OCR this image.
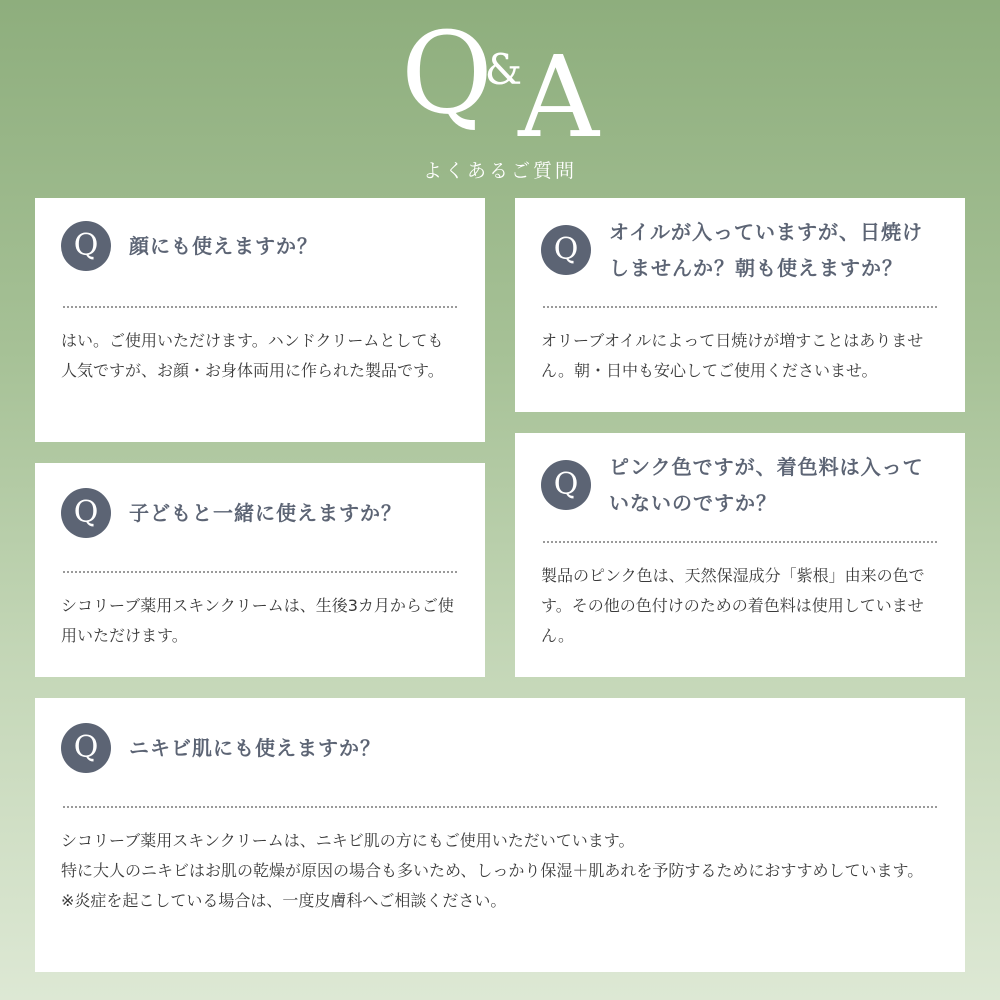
Q&A
よくあるご質問
Q	顔にも使えますか？

はい。ご使用いただけます。ハンドクリームとしても人気ですが、お顔・お身体両用に作られた製品です。

Q	オイルが入っていますが、日焼けしませんか？朝も使えますか？

オリーブオイルによって日焼けが増すことはありません。朝・日中も安心してご使用くださいませ。

Q	子どもと一緒に使えますか？

シコリーブ薬用スキンクリームは、生後3カ月からご使用いただけます。

Q	ピンク色ですが、着色料は入っていないのですか？

製品のピンク色は、天然保湿成分「紫根」由来の色です。その他の色付けのための着色料は使用していません。

Q	ニキビ肌にも使えますか？

シコリーブ薬用スキンクリームは、ニキビ肌の方にもご使用いただいています。

特に大人のニキビはお肌の乾燥が原因の場合も多いため、しっかり保湿＋肌あれを予防するためにおすすめしています。

※炎症を起こしている場合は、一度皮膚科へご相談ください。
